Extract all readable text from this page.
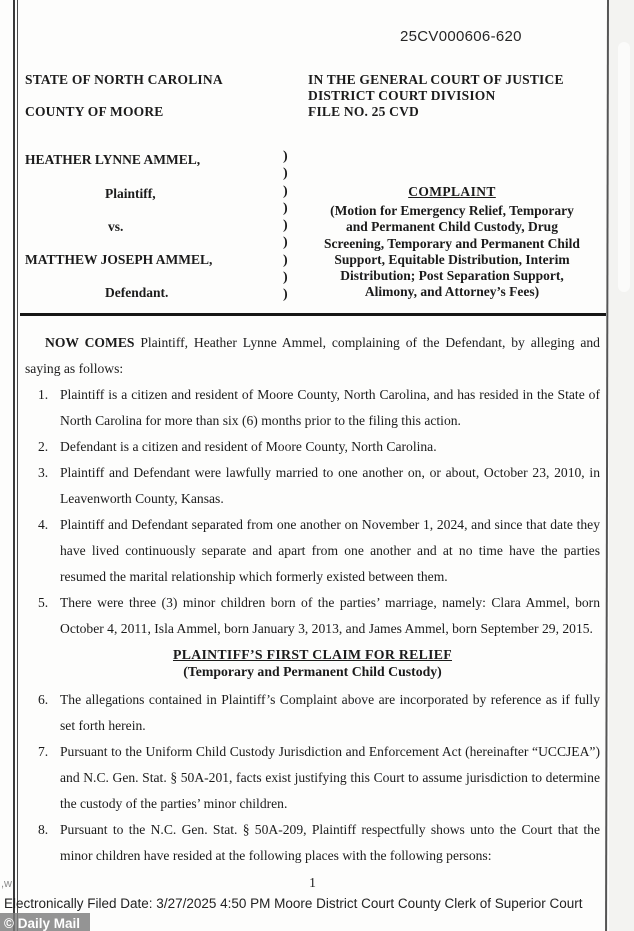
25CV000606-620
STATE OF NORTH CAROLINA
COUNTY OF MOORE
IN THE GENERAL COURT OF JUSTICE
DISTRICT COURT DIVISION
FILE NO. 25 CVD
HEATHER LYNNE AMMEL,
Plaintiff,
vs.
MATTHEW JOSEPH AMMEL,
Defendant.
)
)
)
)
)
)
)
)
)
COMPLAINT
(Motion for Emergency Relief, Temporary
and Permanent Child Custody, Drug
Screening, Temporary and Permanent Child
Support, Equitable Distribution, Interim
Distribution; Post Separation Support,
Alimony, and Attorney’s Fees)

NOW COMES Plaintiff, Heather Lynne Ammel, complaining of the Defendant, by alleging and saying as follows:

1. Plaintiff is a citizen and resident of Moore County, North Carolina, and has resided in the State of North Carolina for more than six (6) months prior to the filing this action.
2. Defendant is a citizen and resident of Moore County, North Carolina.
3. Plaintiff and Defendant were lawfully married to one another on, or about, October 23, 2010, in Leavenworth County, Kansas.
4. Plaintiff and Defendant separated from one another on November 1, 2024, and since that date they have lived continuously separate and apart from one another and at no time have the parties resumed the marital relationship which formerly existed between them.
5. There were three (3) minor children born of the parties’ marriage, namely: Clara Ammel, born October 4, 2011, Isla Ammel, born January 3, 2013, and James Ammel, born September 29, 2015.
PLAINTIFF’S FIRST CLAIM FOR RELIEF
(Temporary and Permanent Child Custody)
6. The allegations contained in Plaintiff’s Complaint above are incorporated by reference as if fully set forth herein.
7. Pursuant to the Uniform Child Custody Jurisdiction and Enforcement Act (hereinafter “UCCJEA”) and N.C. Gen. Stat. § 50A-201, facts exist justifying this Court to assume jurisdiction to determine the custody of the parties’ minor children.
8. Pursuant to the N.C. Gen. Stat. § 50A-209, Plaintiff respectfully shows unto the Court that the minor children have resided at the following places with the following persons:
1
,w
Electronically Filed Date: 3/27/2025 4:50 PM Moore District Court County Clerk of Superior Court
© Daily Mail
